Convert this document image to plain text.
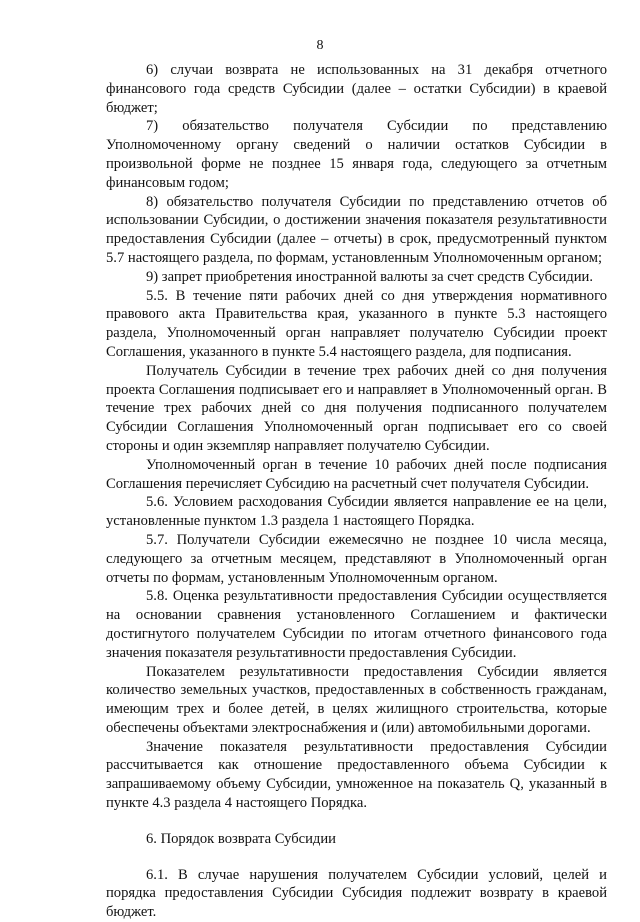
8

6) случаи возврата не использованных на 31 декабря отчетного финансового года средств Субсидии (далее – остатки Субсидии) в краевой бюджет;

7) обязательство получателя Субсидии по представлению Уполномоченному органу сведений о наличии остатков Субсидии в произвольной форме не позднее 15 января года, следующего за отчетным финансовым годом;

8) обязательство получателя Субсидии по представлению отчетов об использовании Субсидии, о достижении значения показателя результативности предоставления Субсидии (далее – отчеты) в срок, предусмотренный пунктом 5.7 настоящего раздела, по формам, установленным Уполномоченным органом;

9) запрет приобретения иностранной валюты за счет средств Субсидии.

5.5. В течение пяти рабочих дней со дня утверждения нормативного правового акта Правительства края, указанного в пункте 5.3 настоящего раздела, Уполномоченный орган направляет получателю Субсидии проект Соглашения, указанного в пункте 5.4 настоящего раздела, для подписания.

Получатель Субсидии в течение трех рабочих дней со дня получения проекта Соглашения подписывает его и направляет в Уполномоченный орган. В течение трех рабочих дней со дня получения подписанного получателем Субсидии Соглашения Уполномоченный орган подписывает его со своей стороны и один экземпляр направляет получателю Субсидии.

Уполномоченный орган в течение 10 рабочих дней после подписания Соглашения перечисляет Субсидию на расчетный счет получателя Субсидии.

5.6. Условием расходования Субсидии является направление ее на цели, установленные пунктом 1.3 раздела 1 настоящего Порядка.

5.7. Получатели Субсидии ежемесячно не позднее 10 числа месяца, следующего за отчетным месяцем, представляют в Уполномоченный орган отчеты по формам, установленным Уполномоченным органом.

5.8. Оценка результативности предоставления Субсидии осуществляется на основании сравнения установленного Соглашением и фактически достигнутого получателем Субсидии по итогам отчетного финансового года значения показателя результативности предоставления Субсидии.

Показателем результативности предоставления Субсидии является количество земельных участков, предоставленных в собственность гражданам, имеющим трех и более детей, в целях жилищного строительства, которые обеспечены объектами электроснабжения и (или) автомобильными дорогами.

Значение показателя результативности предоставления Субсидии рассчитывается как отношение предоставленного объема Субсидии к запрашиваемому объему Субсидии, умноженное на показатель Q, указанный в пункте 4.3 раздела 4 настоящего Порядка.

6. Порядок возврата Субсидии

6.1. В случае нарушения получателем Субсидии условий, целей и порядка предоставления Субсидии Субсидия подлежит возврату в краевой бюджет.
